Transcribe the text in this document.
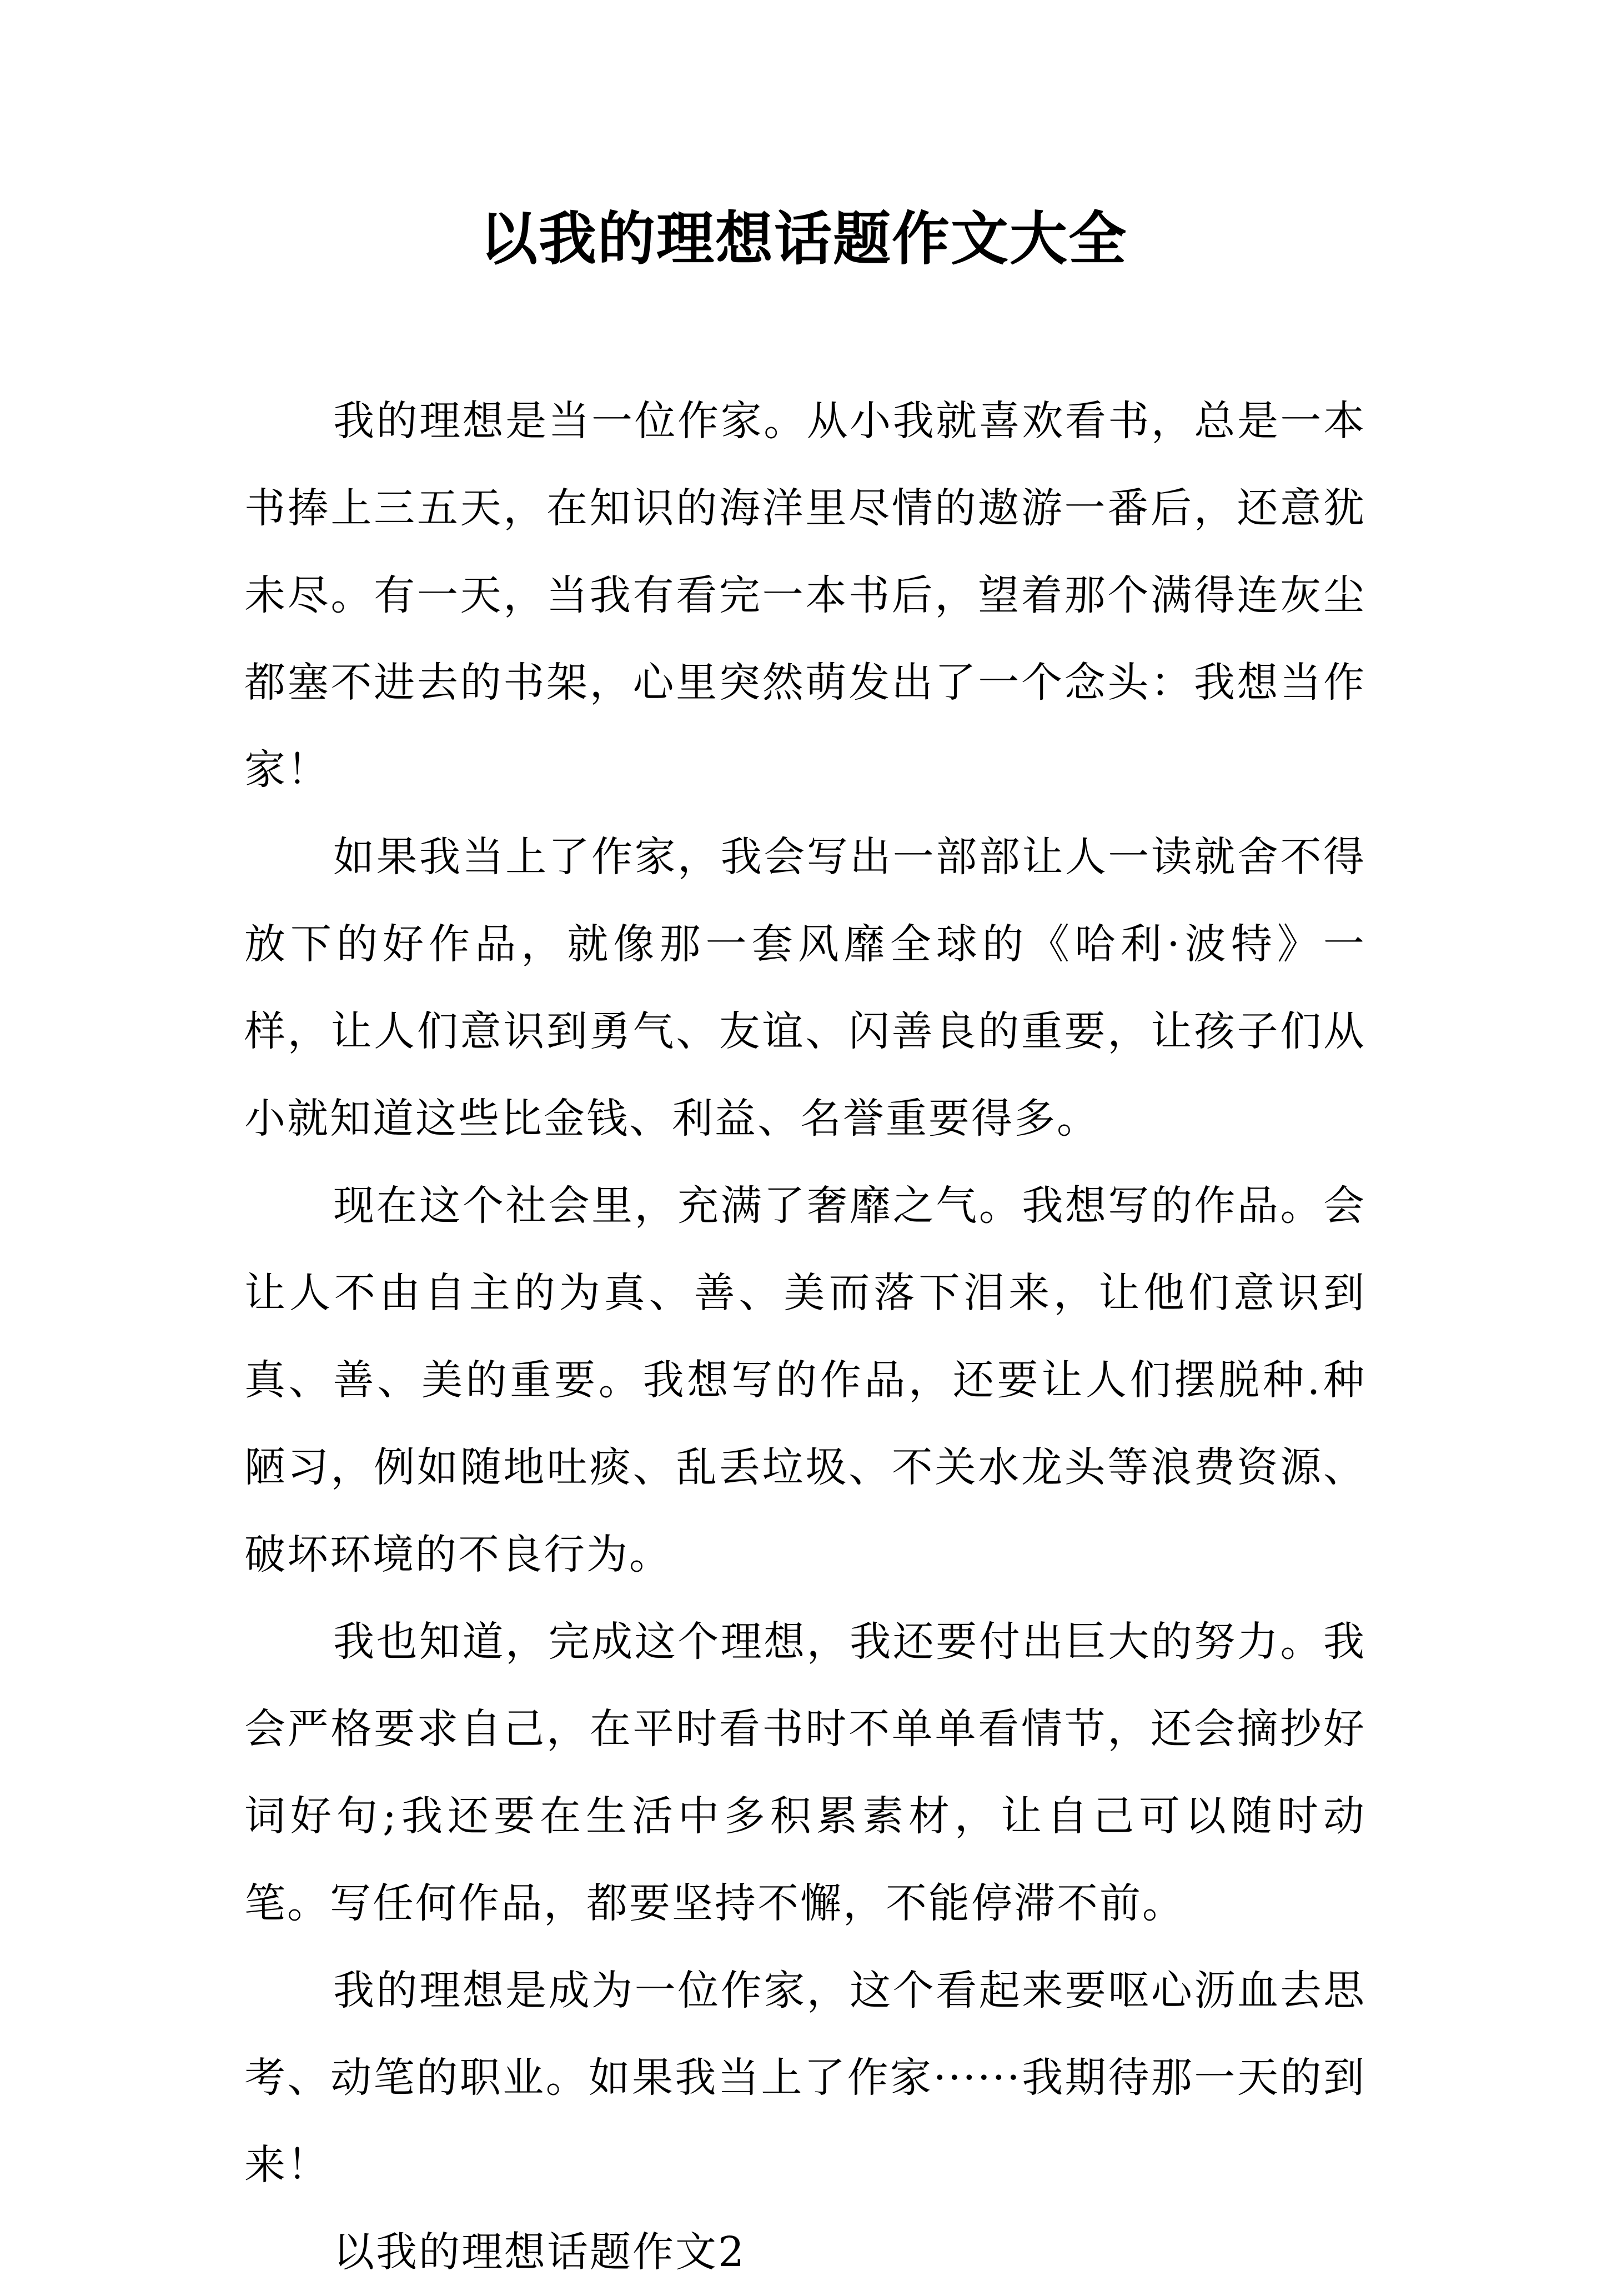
以我的理想话题作文大全

我的理想是当一位作家。从小我就喜欢看书，总是一本书捧上三五天，在知识的海洋里尽情的遨游一番后，还意犹未尽。有一天，当我有看完一本书后，望着那个满得连灰尘都塞不进去的书架，心里突然萌发出了一个念头：我想当作家！

如果我当上了作家，我会写出一部部让人一读就舍不得放下的好作品，就像那一套风靡全球的《哈利·波特》一样，让人们意识到勇气、友谊、闪善良的重要，让孩子们从小就知道这些比金钱、利益、名誉重要得多。

现在这个社会里，充满了奢靡之气。我想写的作品。会让人不由自主的为真、善、美而落下泪来，让他们意识到真、善、美的重要。我想写的作品，还要让人们摆脱种.种陋习，例如随地吐痰、乱丢垃圾、不关水龙头等浪费资源、破坏环境的不良行为。

我也知道，完成这个理想，我还要付出巨大的努力。我会严格要求自己，在平时看书时不单单看情节，还会摘抄好词好句;我还要在生活中多积累素材，让自己可以随时动笔。写任何作品，都要坚持不懈，不能停滞不前。

我的理想是成为一位作家，这个看起来要呕心沥血去思考、动笔的职业。如果我当上了作家······我期待那一天的到来！

以我的理想话题作文2
